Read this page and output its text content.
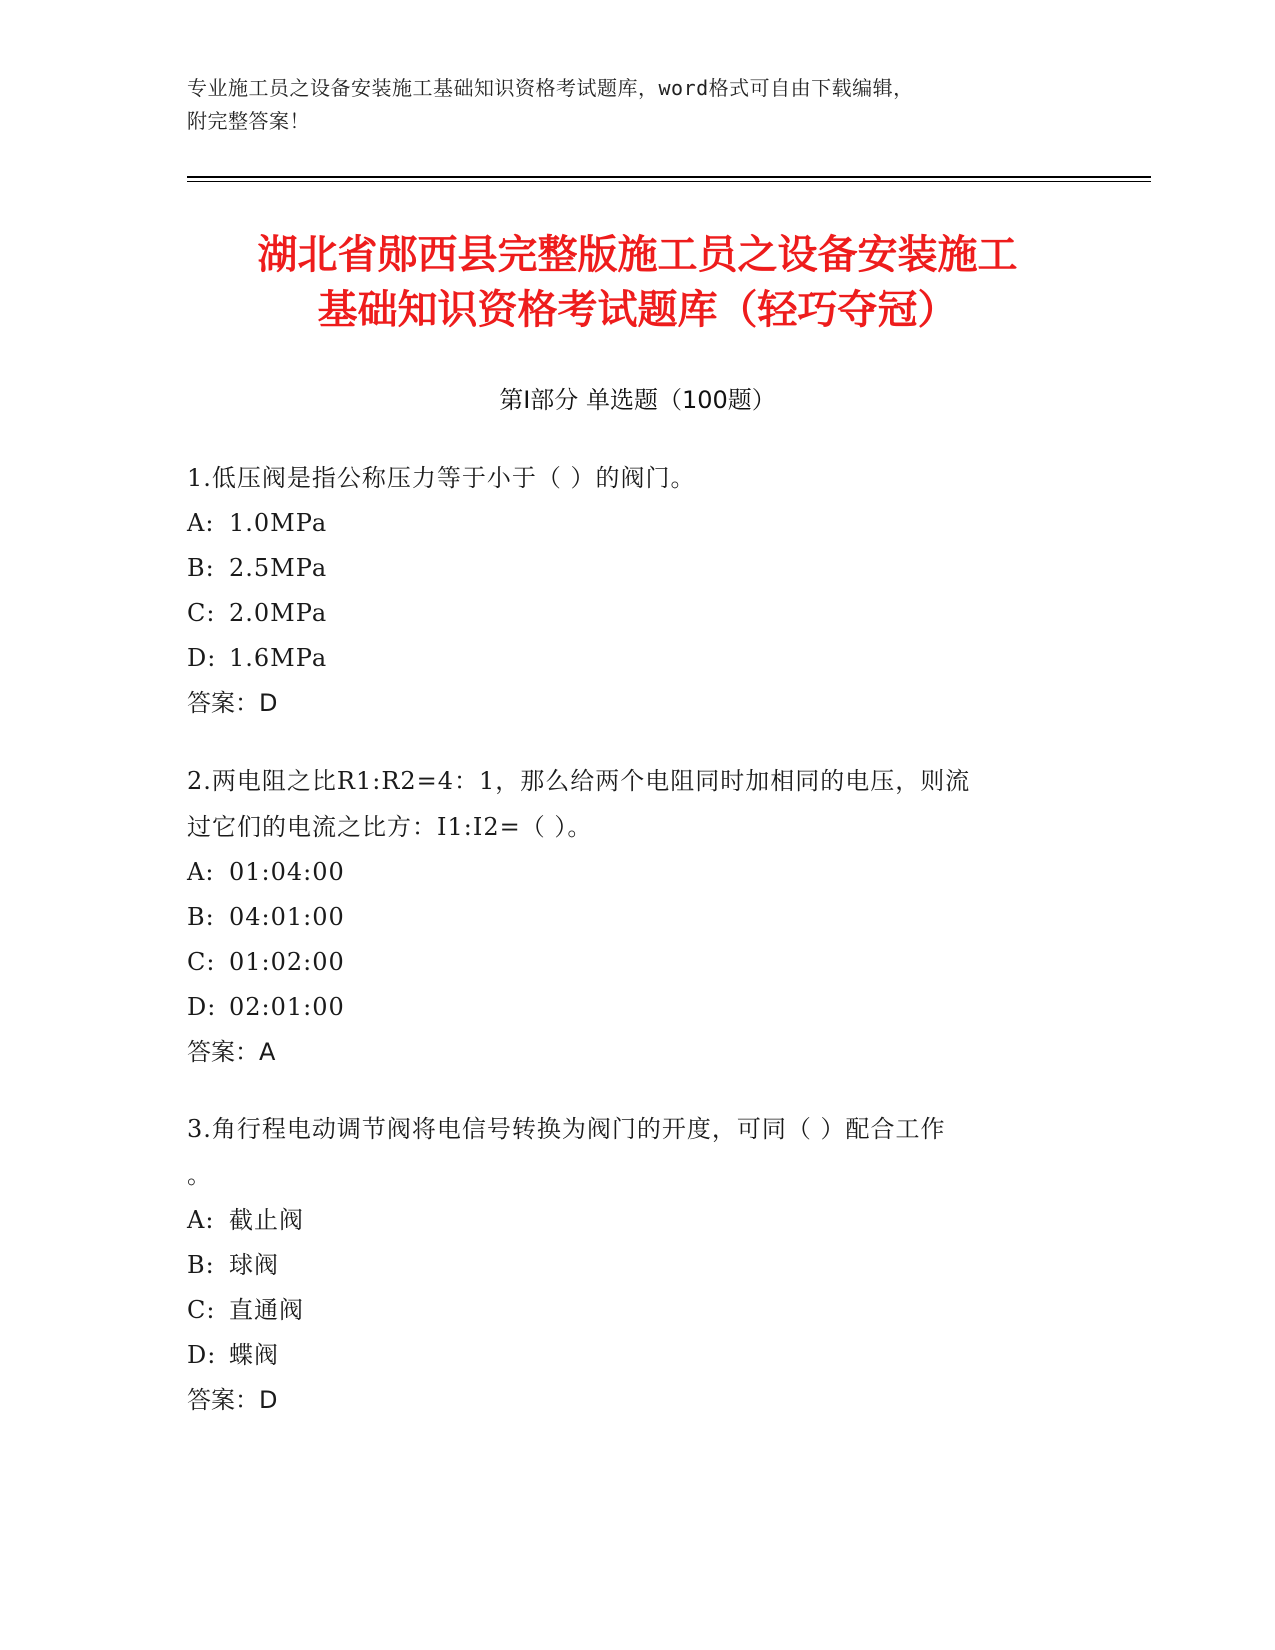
专业施工员之设备安装施工基础知识资格考试题库，word格式可自由下载编辑，
附完整答案！
湖北省郧西县完整版施工员之设备安装施工
基础知识资格考试题库（轻巧夺冠）
第Ⅰ部分 单选题（100题）

1.低压阀是指公称压力等于小于（ ）的阀门。

A: 1.0MPa

B: 2.5MPa

C: 2.0MPa

D: 1.6MPa

答案：D

2.两电阻之比R1:R2=4：1，那么给两个电阻同时加相同的电压，则流
过它们的电流之比方：I1:I2=（ ）。

A: 01:04:00

B: 04:01:00

C: 01:02:00

D: 02:01:00

答案：A

3.角行程电动调节阀将电信号转换为阀门的开度，可同（ ）配合工作
。

A: 截止阀

B: 球阀

C: 直通阀

D: 蝶阀

答案：D
